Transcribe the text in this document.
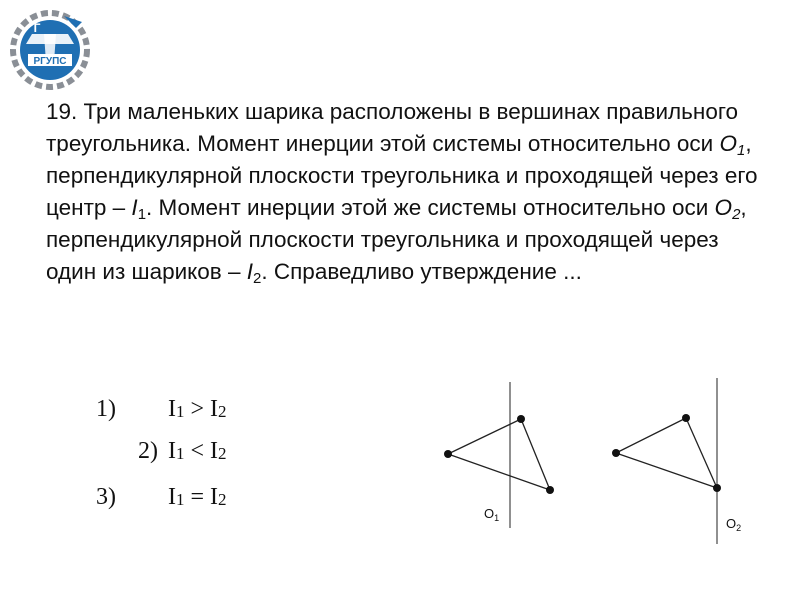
РГУПС
Г

19. Три маленьких шарика расположены в вершинах правильного треугольника. Момент инерции этой системы относительно оси $O_1$, перпендикулярной плоскости треугольника и проходящей через его центр – $I_1$. Момент инерции этой же системы относительно оси $O_2$, перпендикулярной плоскости треугольника и проходящей через один из шариков – $I_2$. Справедливо утверждение ...

1) I1 > I2
2) I1 < I2
3) I1 = I2
$O_1$	$O_2$
